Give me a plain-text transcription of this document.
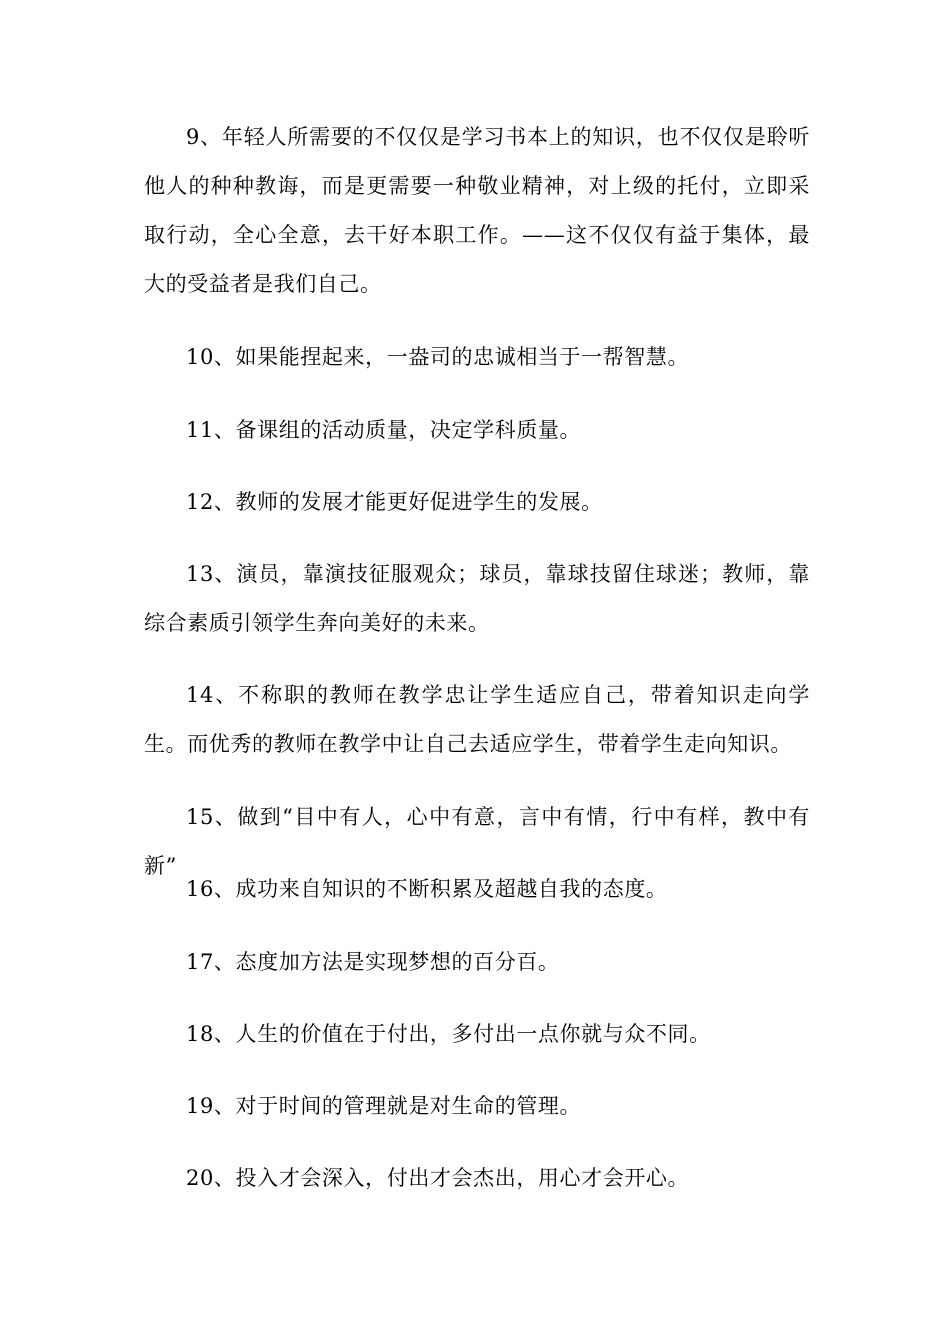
9、年轻人所需要的不仅仅是学习书本上的知识，也不仅仅是聆听他人的种种教诲，而是更需要一种敬业精神，对上级的托付，立即采取行动，全心全意，去干好本职工作。——这不仅仅有益于集体，最大的受益者是我们自己。

10、如果能捏起来，一盎司的忠诚相当于一帮智慧。

11、备课组的活动质量，决定学科质量。

12、教师的发展才能更好促进学生的发展。

13、演员，靠演技征服观众；球员，靠球技留住球迷；教师，靠综合素质引领学生奔向美好的未来。

14、不称职的教师在教学忠让学生适应自己，带着知识走向学生。而优秀的教师在教学中让自己去适应学生，带着学生走向知识。

15、做到“目中有人，心中有意，言中有情，行中有样，教中有新”

16、成功来自知识的不断积累及超越自我的态度。

17、态度加方法是实现梦想的百分百。

18、人生的价值在于付出，多付出一点你就与众不同。

19、对于时间的管理就是对生命的管理。

20、投入才会深入，付出才会杰出，用心才会开心。
